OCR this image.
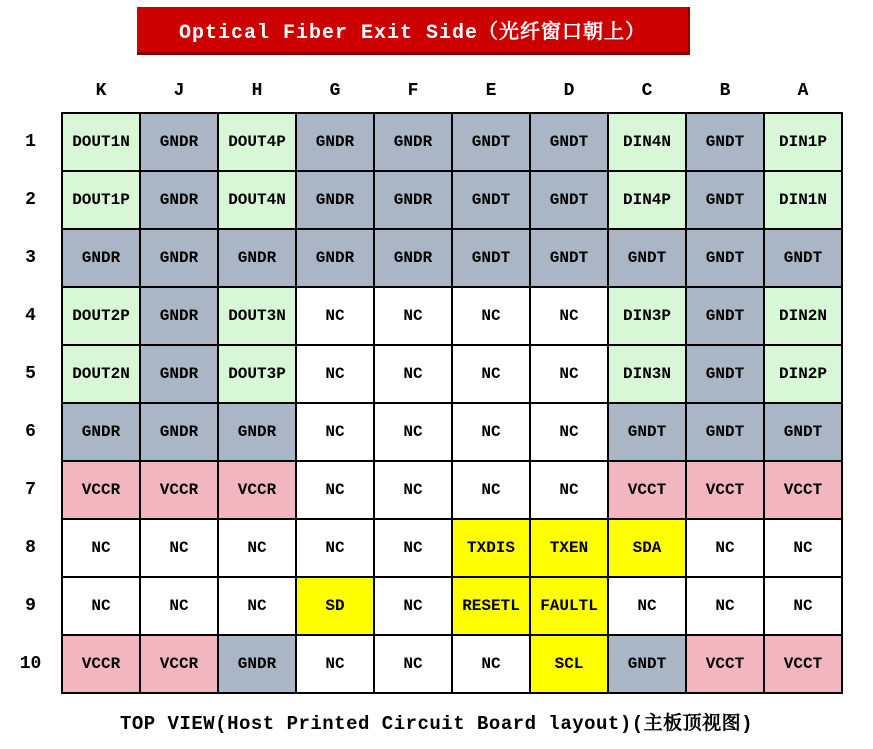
Optical Fiber Exit Side（光纤窗口朝上）
	K	J	H	G	F	E	D	C	B	A
1	DOUT1N	GNDR	DOUT4P	GNDR	GNDR	GNDT	GNDT	DIN4N	GNDT	DIN1P
2	DOUT1P	GNDR	DOUT4N	GNDR	GNDR	GNDT	GNDT	DIN4P	GNDT	DIN1N
3	GNDR	GNDR	GNDR	GNDR	GNDR	GNDT	GNDT	GNDT	GNDT	GNDT
4	DOUT2P	GNDR	DOUT3N	NC	NC	NC	NC	DIN3P	GNDT	DIN2N
5	DOUT2N	GNDR	DOUT3P	NC	NC	NC	NC	DIN3N	GNDT	DIN2P
6	GNDR	GNDR	GNDR	NC	NC	NC	NC	GNDT	GNDT	GNDT
7	VCCR	VCCR	VCCR	NC	NC	NC	NC	VCCT	VCCT	VCCT
8	NC	NC	NC	NC	NC	TXDIS	TXEN	SDA	NC	NC
9	NC	NC	NC	SD	NC	RESETL	FAULTL	NC	NC	NC
10	VCCR	VCCR	GNDR	NC	NC	NC	SCL	GNDT	VCCT	VCCT
TOP VIEW(Host Printed Circuit Board layout)(主板顶视图)
